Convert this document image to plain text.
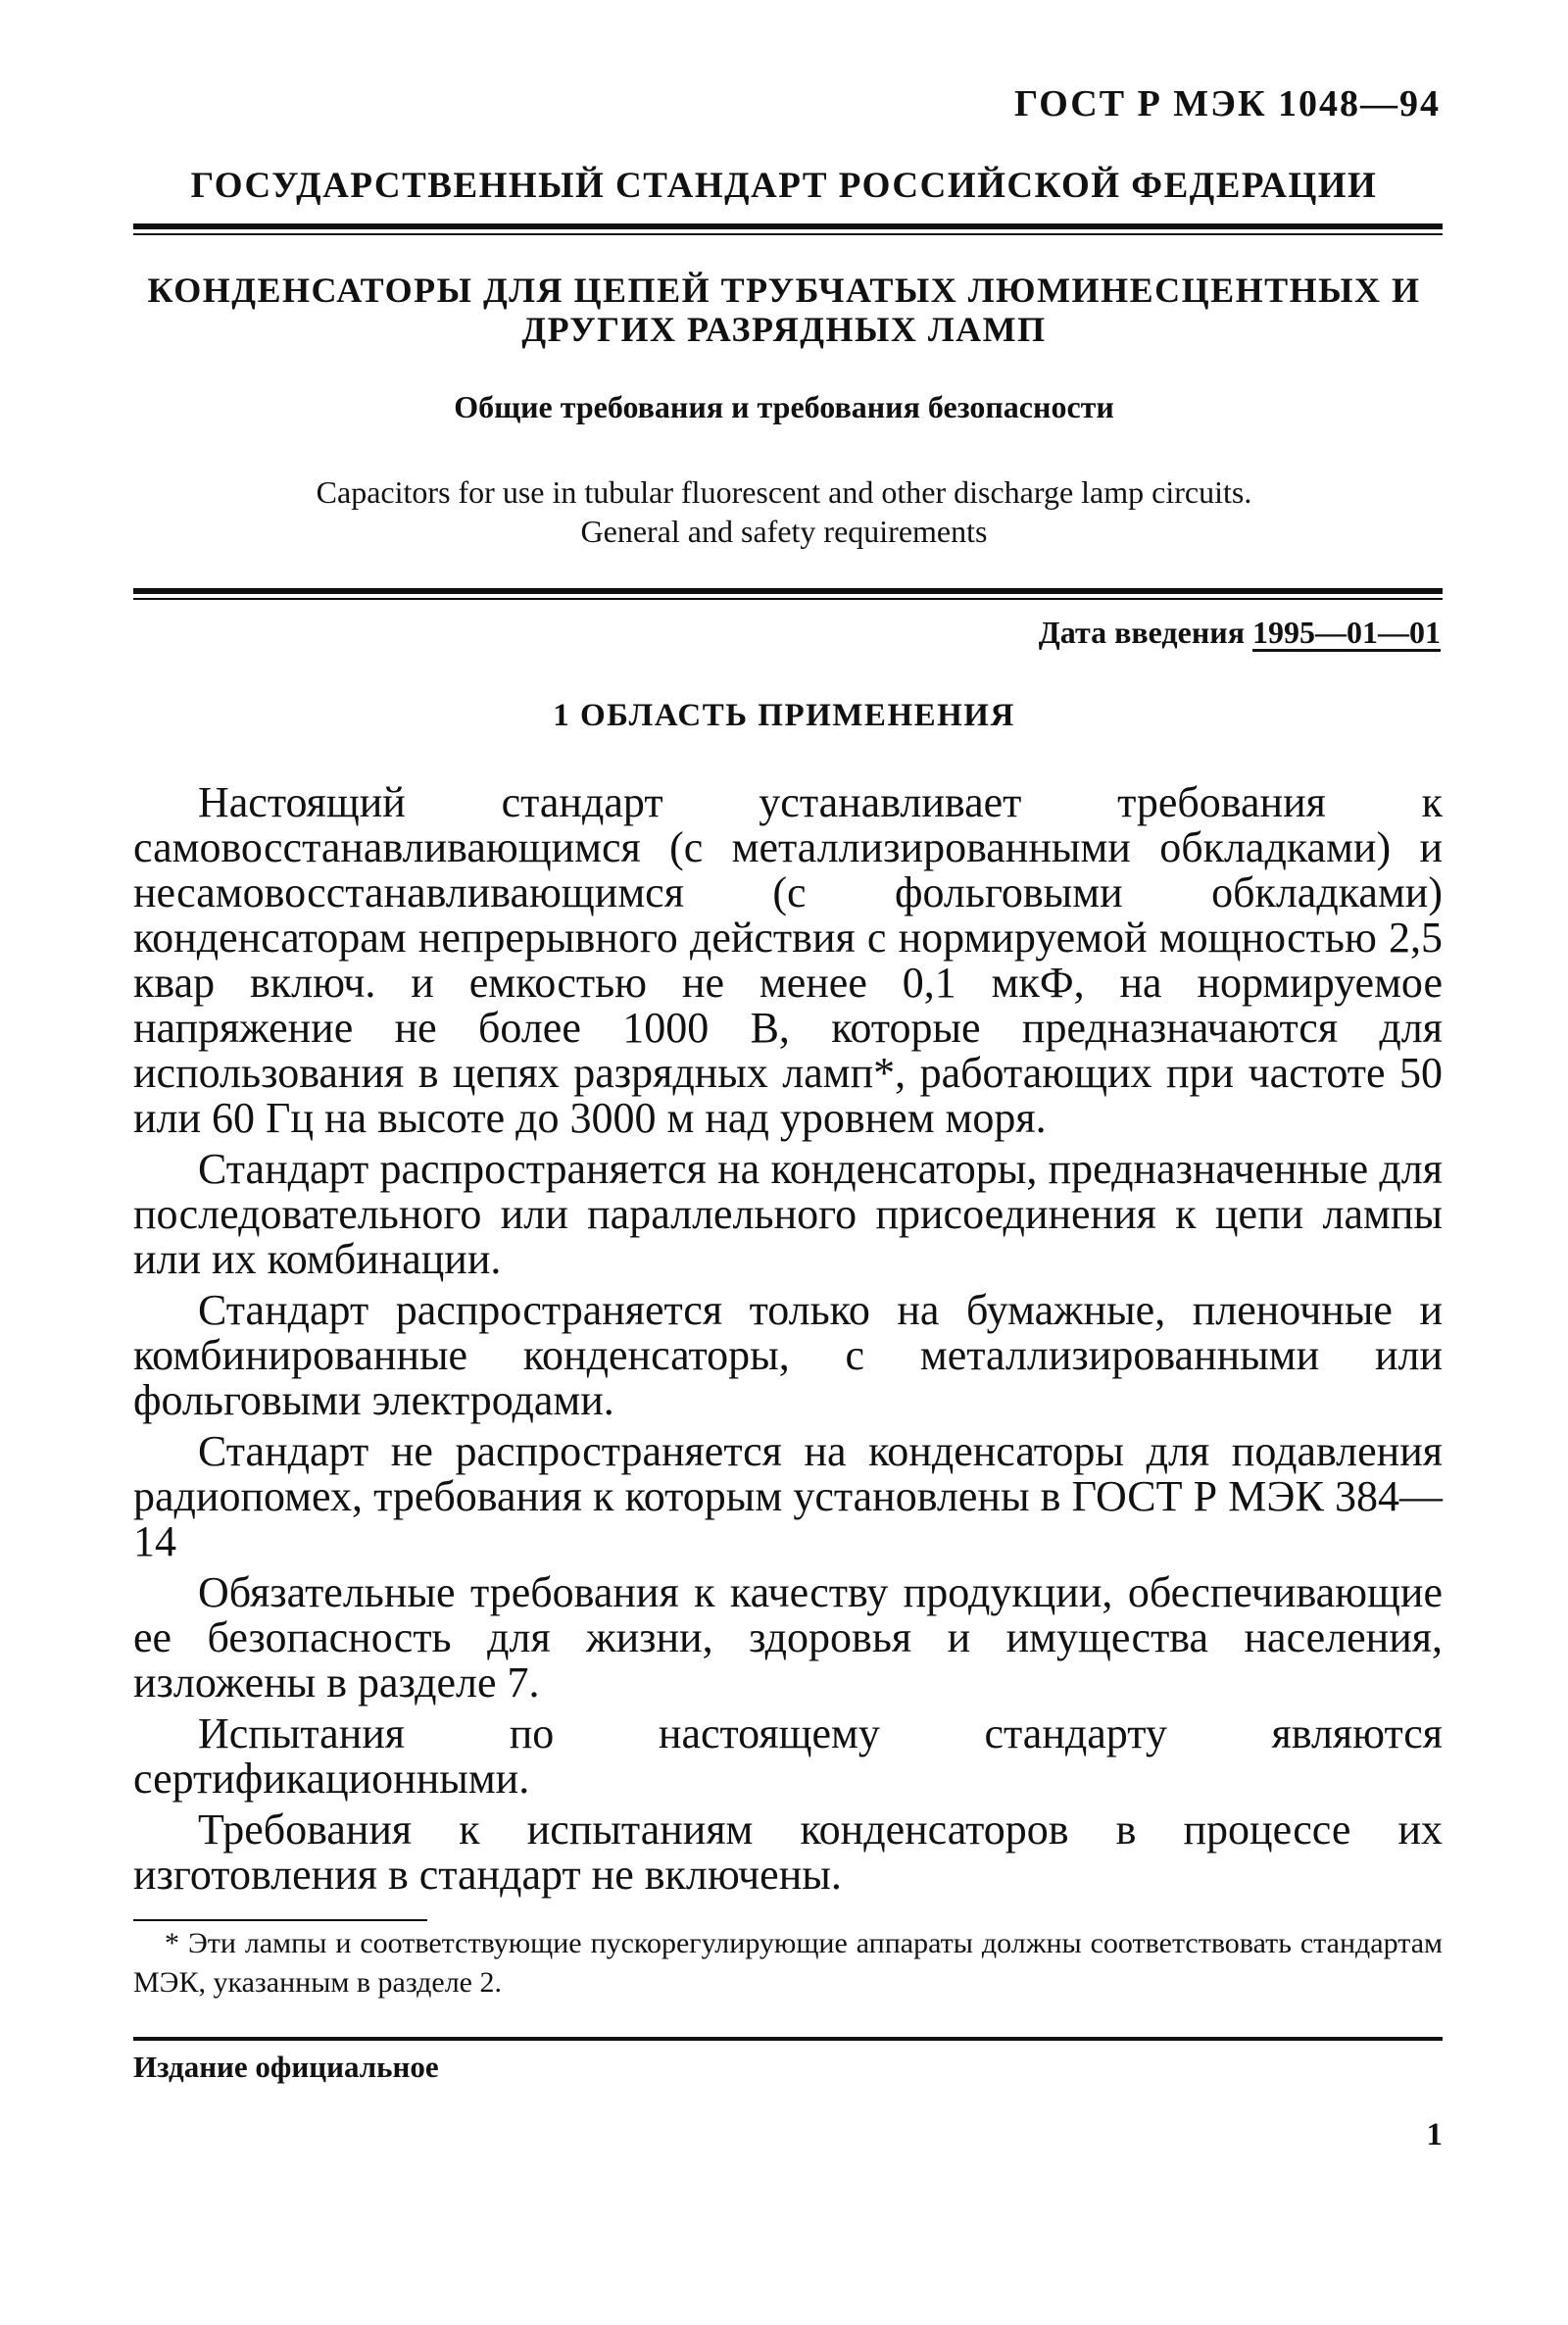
ГОСТ Р МЭК 1048—94
ГОСУДАРСТВЕННЫЙ СТАНДАРТ РОССИЙСКОЙ ФЕДЕРАЦИИ
КОНДЕНСАТОРЫ ДЛЯ ЦЕПЕЙ ТРУБЧАТЫХ ЛЮМИНЕСЦЕНТНЫХ И
ДРУГИХ РАЗРЯДНЫХ ЛАМП
Общие требования и требования безопасности
Capacitors for use in tubular fluorescent and other discharge lamp circuits.
General and safety requirements
Дата введения 1995—01—01
1 ОБЛАСТЬ ПРИМЕНЕНИЯ

Настоящий стандарт устанавливает требования к самовосстанавливающимся (с металлизированными обкладками) и несамовосстанавливающимся (с фольговыми обкладками) конденсаторам непрерывного действия с нормируемой мощностью 2,5 квар включ. и емкостью не менее 0,1 мкФ, на нормируемое напряжение не более 1000 В, которые предназначаются для использования в цепях разрядных ламп*, работающих при частоте 50 или 60 Гц на высоте до 3000 м над уровнем моря.

Стандарт распространяется на конденсаторы, предназначенные для последовательного или параллельного присоединения к цепи лампы или их комбинации.

Стандарт распространяется только на бумажные, пленочные и комбинированные конденсаторы, с металлизированными или фольговыми электродами.

Стандарт не распространяется на конденсаторы для подавления радиопомех, требования к которым установлены в ГОСТ Р МЭК 384—14

Обязательные требования к качеству продукции, обеспечивающие ее безопасность для жизни, здоровья и имущества населения, изложены в разделе 7.

Испытания по настоящему стандарту являются сертификационными.

Требования к испытаниям конденсаторов в процессе их изготовления в стандарт не включены.

* Эти лампы и соответствующие пускорегулирующие аппараты должны соответствовать стандартам МЭК, указанным в разделе 2.
Издание официальное
1
